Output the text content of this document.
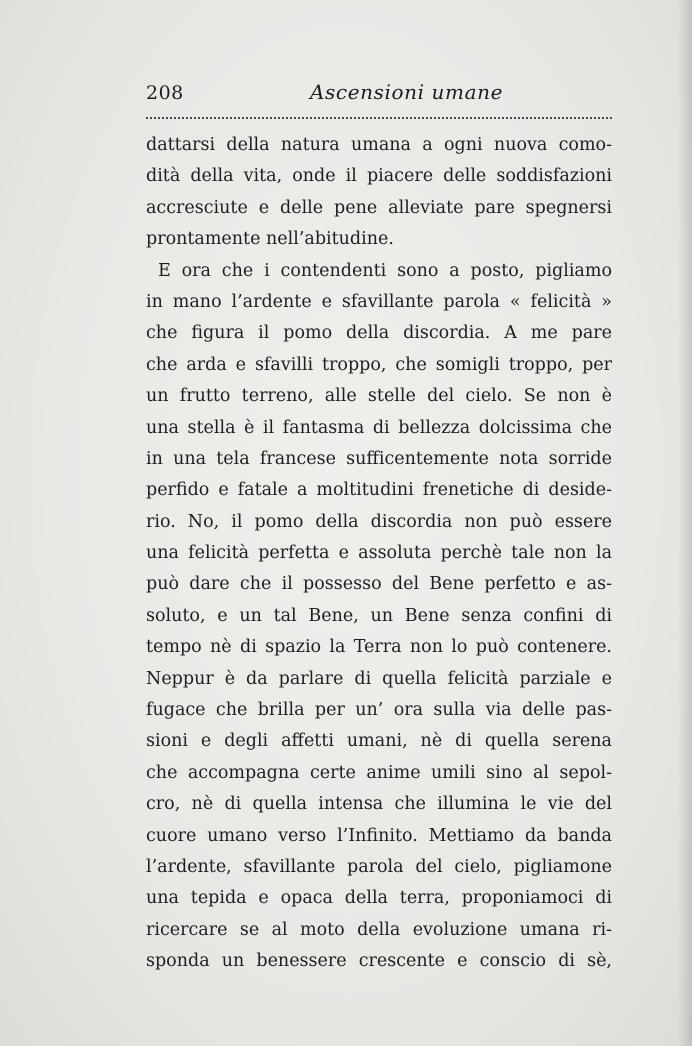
208	Ascensioni umane
dattarsi della natura umana a ogni nuova como-
dità della vita, onde il piacere delle soddisfazioni
accresciute e delle pene alleviate pare spegnersi
prontamente nell’abitudine.
E ora che i contendenti sono a posto, pigliamo
in mano l’ardente e sfavillante parola « felicità »
che figura il pomo della discordia. A me pare
che arda e sfavilli troppo, che somigli troppo, per
un frutto terreno, alle stelle del cielo. Se non è
una stella è il fantasma di bellezza dolcissima che
in una tela francese sufficentemente nota sorride
perfido e fatale a moltitudini frenetiche di deside-
rio. No, il pomo della discordia non può essere
una felicità perfetta e assoluta perchè tale non la
può dare che il possesso del Bene perfetto e as-
soluto, e un tal Bene, un Bene senza confini di
tempo nè di spazio la Terra non lo può contenere.
Neppur è da parlare di quella felicità parziale e
fugace che brilla per un’ ora sulla via delle pas-
sioni e degli affetti umani, nè di quella serena
che accompagna certe anime umili sino al sepol-
cro, nè di quella intensa che illumina le vie del
cuore umano verso l’Infinito. Mettiamo da banda
l’ardente, sfavillante parola del cielo, pigliamone
una tepida e opaca della terra, proponiamoci di
ricercare se al moto della evoluzione umana ri-
sponda un benessere crescente e conscio di sè,
